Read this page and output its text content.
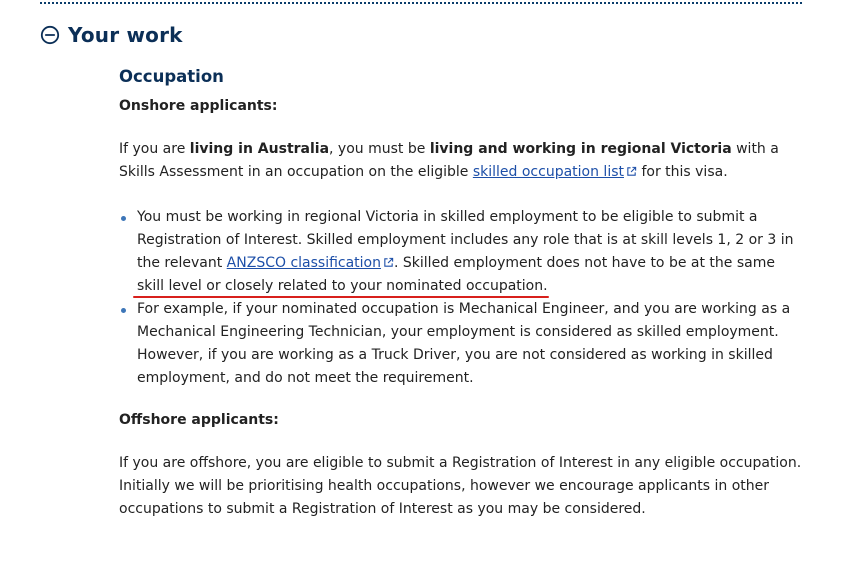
Your work
Occupation

Onshore applicants:

If you are living in Australia, you must be living and working in regional Victoria with a Skills Assessment in an occupation on the eligible skilled occupation list for this visa.

You must be working in regional Victoria in skilled employment to be eligible to submit a Registration of Interest. Skilled employment includes any role that is at skill levels 1, 2 or 3 in the relevant ANZSCO classification . Skilled employment does not have to be at the same skill level or closely related to your nominated occupation.
For example, if your nominated occupation is Mechanical Engineer, and you are working as a Mechanical Engineering Technician, your employment is considered as skilled employment. However, if you are working as a Truck Driver, you are not considered as working in skilled employment, and do not meet the requirement.

Offshore applicants:

If you are offshore, you are eligible to submit a Registration of Interest in any eligible occupation. Initially we will be prioritising health occupations, however we encourage applicants in other occupations to submit a Registration of Interest as you may be considered.
